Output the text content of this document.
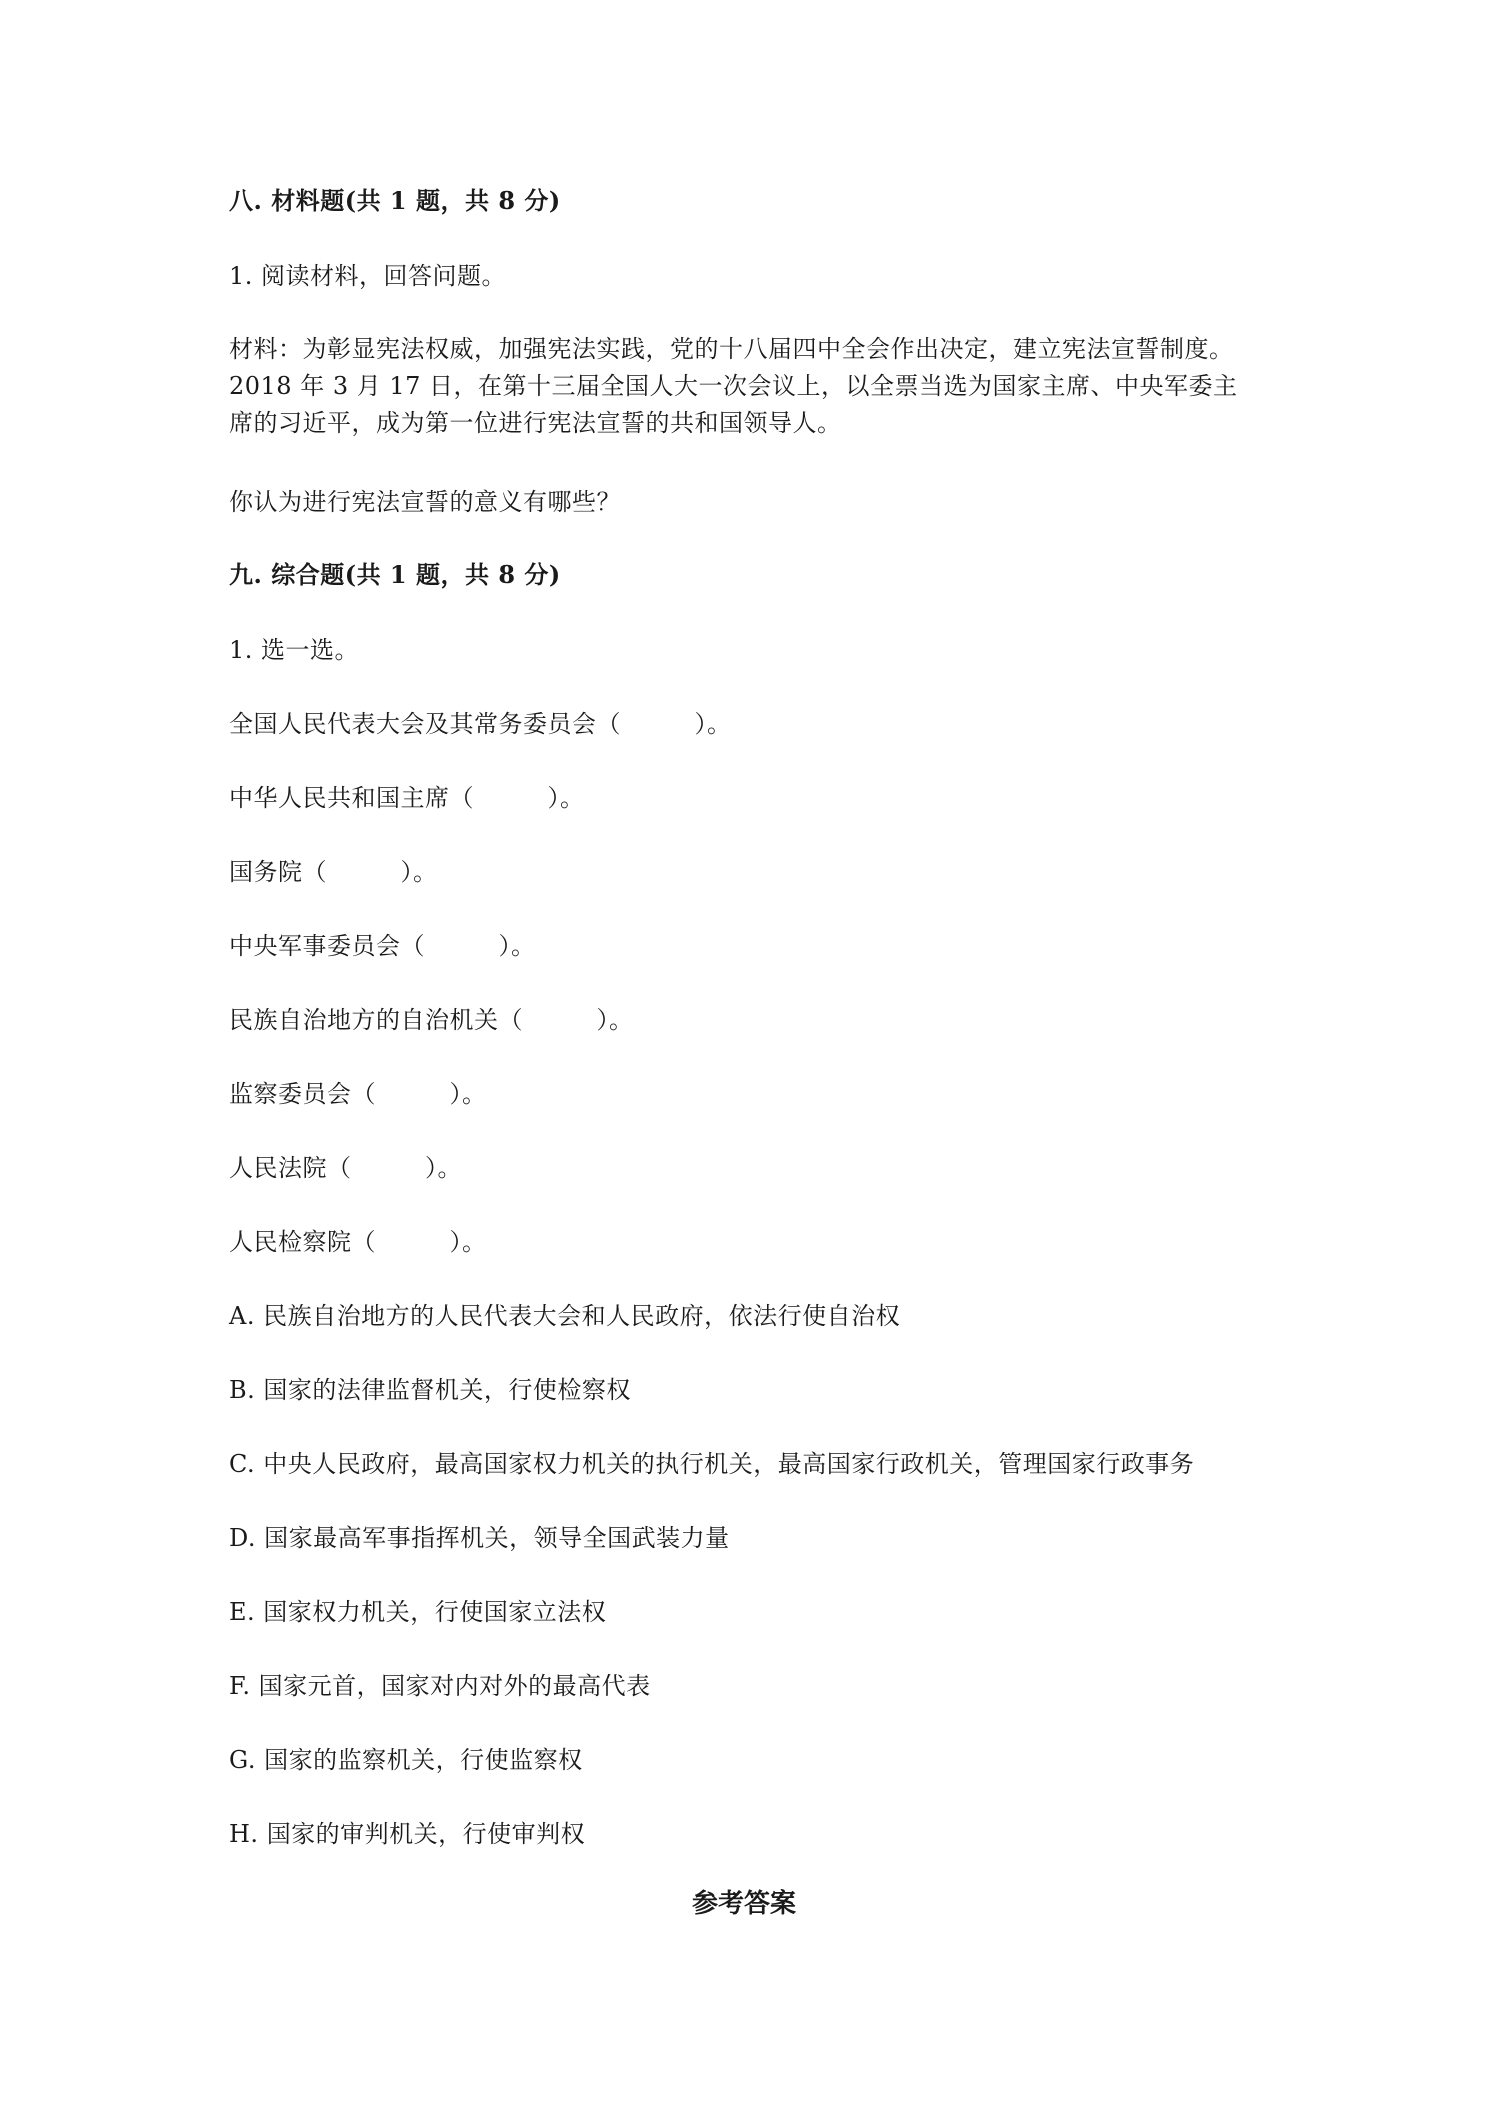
八. 材料题(共 1 题，共 8 分)
1. 阅读材料，回答问题。
材料：为彰显宪法权威，加强宪法实践，党的十八届四中全会作出决定，建立宪法宣誓制度。
2018 年 3 月 17 日，在第十三届全国人大一次会议上，以全票当选为国家主席、中央军委主
席的习近平，成为第一位进行宪法宣誓的共和国领导人。
你认为进行宪法宣誓的意义有哪些？
九. 综合题(共 1 题，共 8 分)
1. 选一选。
全国人民代表大会及其常务委员会（　　　）。
中华人民共和国主席（　　　）。
国务院（　　　）。
中央军事委员会（　　　）。
民族自治地方的自治机关（　　　）。
监察委员会（　　　）。
人民法院（　　　）。
人民检察院（　　　）。
A. 民族自治地方的人民代表大会和人民政府，依法行使自治权
B. 国家的法律监督机关，行使检察权
C. 中央人民政府，最高国家权力机关的执行机关，最高国家行政机关，管理国家行政事务
D. 国家最高军事指挥机关，领导全国武装力量
E. 国家权力机关，行使国家立法权
F. 国家元首，国家对内对外的最高代表
G. 国家的监察机关，行使监察权
H. 国家的审判机关，行使审判权
参考答案
